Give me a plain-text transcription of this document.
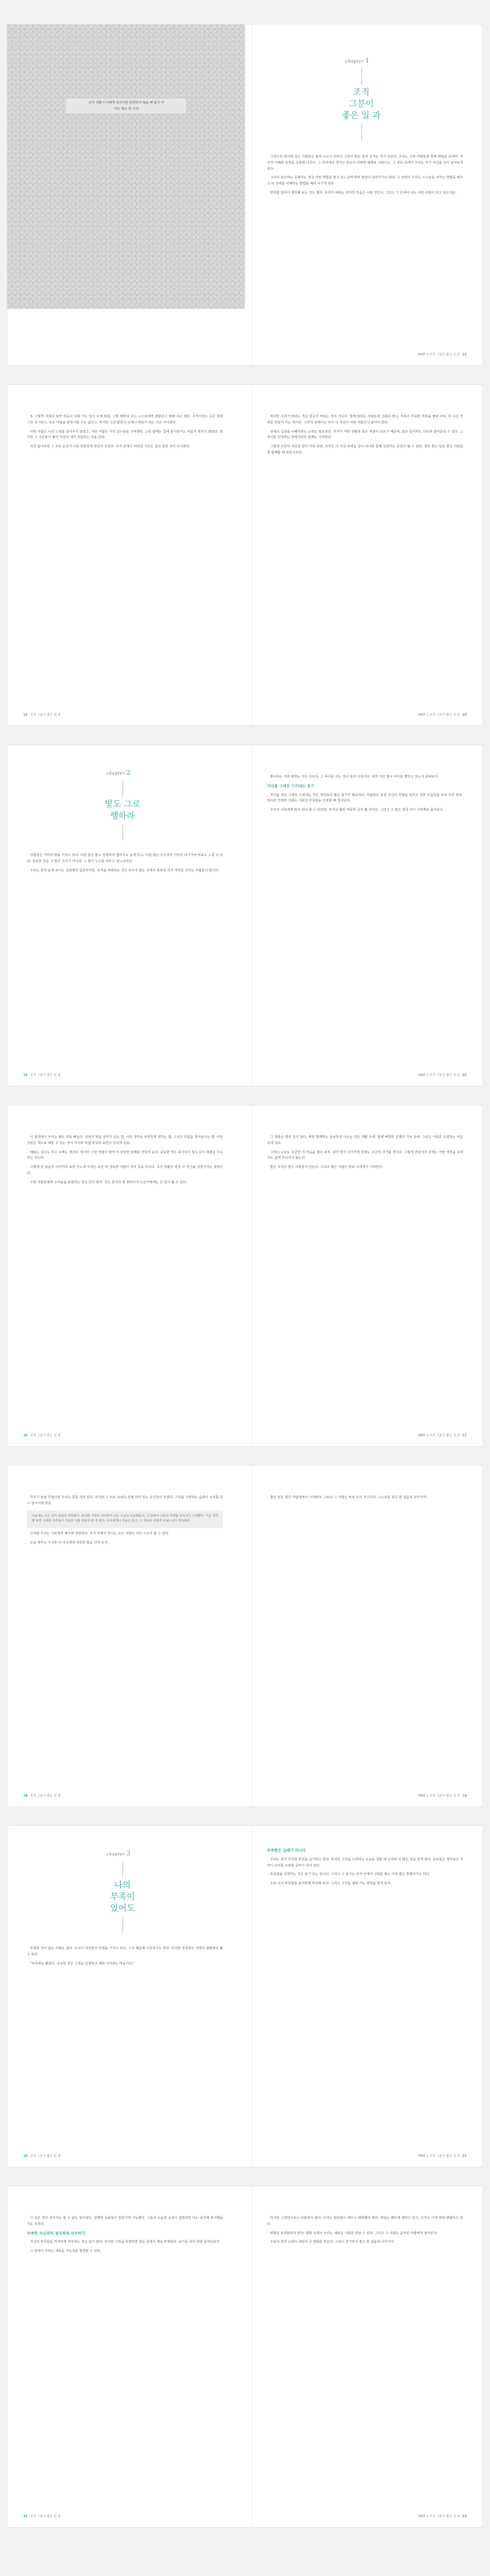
조직 생활이 나에게 있어서만 당연하지 않을 때 날지 마
어도 별로 한 가세
chapter 1
조직
그분이
좋은 일 과

그러므로 회사에 있는 사람들은 흡사 누구나 다르고 그들이 맡은 일과 성격도 각기 다르다. 우리는 그런 사람들과 함께 매일을 보내며, 각자의 이해와 감정을 조율해 나간다. 그 과정에서 생기는 갈등이 다양한 형태로 나타나고, 그 갈등 속에서 우리는 자기 자신을 다시 돌아보게 된다.

그러나 회사라는 곳에서는 결국 어떤 역할을 맡고 있느냐에 따라 판단이 달라지기도 한다. 그 안에서 우리는 스스로를 지키는 방법을 배우고 또 상대를 이해하는 방법을 배워 나가게 된다.

한번쯤 멈추어 생각해 보는 것도 좋다. 우리가 바라는 조직의 모습은 어떤 것인지, 그리고 그 안에서 나는 어떤 사람이 되고 싶은지를.

PART 1 조직 그분이 좋은 일 과 11

또 그렇게 지내다 보면 마음이 지쳐 가는 날이 오게 된다. 그럴 때마다 나는 스스로에게 괜찮다고 말해 주곤 했다. 조직이라는 곳은 원래 그런 곳이라고, 모든 사람을 만족시킬 수는 없다고. 하지만 그런 말들이 언제나 위로가 되는 것은 아니었다.

어떤 사람은 나의 노력을 알아주지 않았고, 어떤 사람은 나의 실수만을 기억했다. 그런 날에는 집에 돌아와서도 마음이 편하지 않았다. 하지만 그 시간들이 쌓여 지금의 내가 되었다는 것을 안다.

지금 돌아보면 그 모든 순간이 나를 단단하게 만들어 주었다. 조직 안에서 버텨낸 시간은 결코 헛된 것이 아니었다.

하지만 우리가 바라는 것은 단순히 버티는 것이 아니다. 함께 일하는 사람들과 신뢰를 쌓고, 서로의 부족한 부분을 채워 주며, 더 나은 결과를 만들어 가는 것이다. 그러기 위해서는 먼저 나 자신이 어떤 사람인지 알아야 한다.

상대의 입장을 이해하려는 노력도 필요하다. 각자가 처한 상황과 맡은 역할이 다르기 때문에, 같은 일이라도 다르게 받아들일 수 있다. 그 차이를 인정하는 것에서부터 관계는 시작된다.

그렇게 조금씩 서로를 알아 가다 보면, 조직은 더 이상 두려운 곳이 아니라 함께 성장하는 공간이 될 수 있다. 결국 좋은 일은 좋은 사람들과 함께할 때 만들어진다.

12 조직 그분이 좋은 일 과	PART 1 조직 그분이 좋은 일 과 13
chapter 2
빛도 그로
행하라

사람들은 저마다 빛을 가지고 있다. 어떤 빛은 밝고 강렬하여 멀리서도 눈에 띄고, 어떤 빛은 은은하여 가까이 다가가야 비로소 느낄 수 있다. 중요한 것은 그 빛의 크기가 아니라, 그 빛이 누구를 비추고 있느냐이다.

우리는 흔히 눈에 보이는 성과에만 집중하지만, 조직을 지탱하는 것은 보이지 않는 곳에서 묵묵히 자기 자리를 지키는 사람들의 빛이다.

좋아하는 것과 잘하는 것은 다르다. 그 차이를 아는 것이 일의 시작이다. 내가 가진 빛이 어디를 향하고 있는지 살펴보자.

자신을 그대로 드러내는 용기

자신을 있는 그대로 드러내는 것은 생각보다 많은 용기가 필요하다. 사람들은 종종 자신의 약점을 감추고 강한 모습만을 보여 주려 한다. 하지만 진정한 신뢰는 서로의 부족함을 인정할 때 생겨난다.

우리가 서로에게 빛이 되어 줄 수 있다면, 조직은 훨씬 따뜻한 곳이 될 것이다. 그리고 그 빛은 결국 다시 나에게로 돌아온다.

14 조직 그분이 좋은 일 과	PART 1 조직 그분이 좋은 일 과 15

이 과정에서 우리는 많은 것을 배운다. 상대의 말을 끝까지 듣는 법, 나의 생각을 차분하게 전하는 법, 그리고 다름을 받아들이는 법. 이런 것들은 책으로 배울 수 있는 것이 아니라 직접 부딪혀 보면서 익히게 된다.

때로는 실수도 하고 오해도 생긴다. 하지만 그런 경험이 쌓여 더 단단한 관계를 만들어 준다. 중요한 것은 포기하지 않고 다시 대화를 시도하는 것이다.

그렇게 한 걸음씩 나아가다 보면 어느새 우리는 조금 더 성숙한 사람이 되어 있을 것이다. 조직 생활은 결국 나 자신을 성장시키는 과정이다.

주변 사람들에게 고마움을 표현하는 것도 잊지 말자. 작은 감사의 말 한마디가 누군가에게는 큰 힘이 될 수 있다.

그 행복은 멀리 있지 않다. 매일 함께하는 동료들과 나누는 작은 대화 속에, 함께 해결한 문제의 기억 속에, 그리고 서로를 응원하는 마음 속에 있다.

그러니 오늘도 조금만 더 마음을 열어 보자. 내가 먼저 다가가면 상대도 조금씩 다가올 것이다. 그렇게 만들어진 관계는 어떤 어려움 속에서도 쉽게 무너지지 않는다.

좋은 조직은 좋은 사람들이 만든다. 그리고 좋은 사람은 바로 나에게서 시작된다.

16 조직 그분이 좋은 일 과	PART 1 조직 그분이 좋은 일 과 17

하루가 끝날 무렵이면 우리는 종종 지쳐 있다. 하지만 그 피로 속에도 분명 의미 있는 순간들이 있었다. 그것을 기억하는 습관이 우리를 다시 일어서게 한다.

처음에는 모든 것이 낯설고 어려웠다. 하지만 시간이 지나면서 나는 조금씩 익숙해졌고, 그 안에서 나만의 자리를 찾아가기 시작했다. 지금 생각해 보면 그때의 어려움이 지금의 나를 만들어 준 것 같다. 누구에게나 처음은 있고, 그 처음을 어떻게 보내느냐가 중요하다.

이처럼 우리는 서로에게 배우며 성장한다. 조직 안에서 만나는 모든 사람이 나의 스승이 될 수 있다.

오늘 하루도 수고한 나 자신에게 따뜻한 말을 건네 보자.

좋은 일은 결국 사람에게서 시작된다. 그리고 그 사람은 바로 우리 자신이다. 스스로를 믿고 한 걸음씩 나아가자.

18 조직 그분이 좋은 일 과	PART 1 조직 그분이 좋은 일 과 19
chapter 3
나의
부족이
있어도

부족한 것이 없는 사람은 없다. 누구나 자신만의 약점을 가지고 있고, 그것 때문에 고민하기도 한다. 하지만 부족함은 성장의 출발점이 될 수 있다.

"부족해도 괜찮다. 중요한 것은 그것을 인정하고 채워 나가려는 마음이다."

부족함은 실패가 아니다

우리는 흔히 부족한 부분을 숨기려고 한다. 하지만 그것을 드러내고 도움을 청할 때 오히려 더 많은 것을 얻게 된다. 동료들은 생각보다 기꺼이 우리를 도와줄 준비가 되어 있다.

부족함을 인정하는 것은 용기 있는 일이다. 그리고 그 용기는 조직 안에서 신뢰를 쌓는 가장 좋은 방법이기도 하다.

오늘 나의 부족함을 솔직하게 마주해 보자. 그리고 그것을 채워 가는 과정을 즐겨 보자.

20 조직 그분이 좋은 일 과	PART 1 조직 그분이 좋은 일 과 21

이 일은 결코 혼자서는 할 수 없는 일이었다. 함께한 동료들이 있었기에 가능했다. 그들의 도움과 응원이 없었다면 나는 중간에 포기했을지도 모른다.

부족한 자신과의 정직하게 마주하기

자신의 부족함을 정직하게 마주하는 것은 쉽지 않다. 하지만 그것을 외면하면 같은 문제가 계속 반복된다. 용기를 내어 한번 들여다보자.

그 안에서 우리는 새로운 가능성을 발견할 수 있다.

하지만 그것만으로는 충분하지 않다. 우리는 끊임없이 배우고 변화해야 한다. 세상은 빠르게 변하고 있고, 조직도 그에 맞춰 변화하고 있다.

변화를 두려워하지 말자. 변화 속에서 우리는 새로운 기회를 만날 수 있다. 그리고 그 기회는 준비된 사람에게 찾아온다.

오늘의 작은 노력이 내일의 큰 변화를 만든다. 그러니 포기하지 말고 한 걸음씩 나아가자.

22 조직 그분이 좋은 일 과	PART 1 조직 그분이 좋은 일 과 23
